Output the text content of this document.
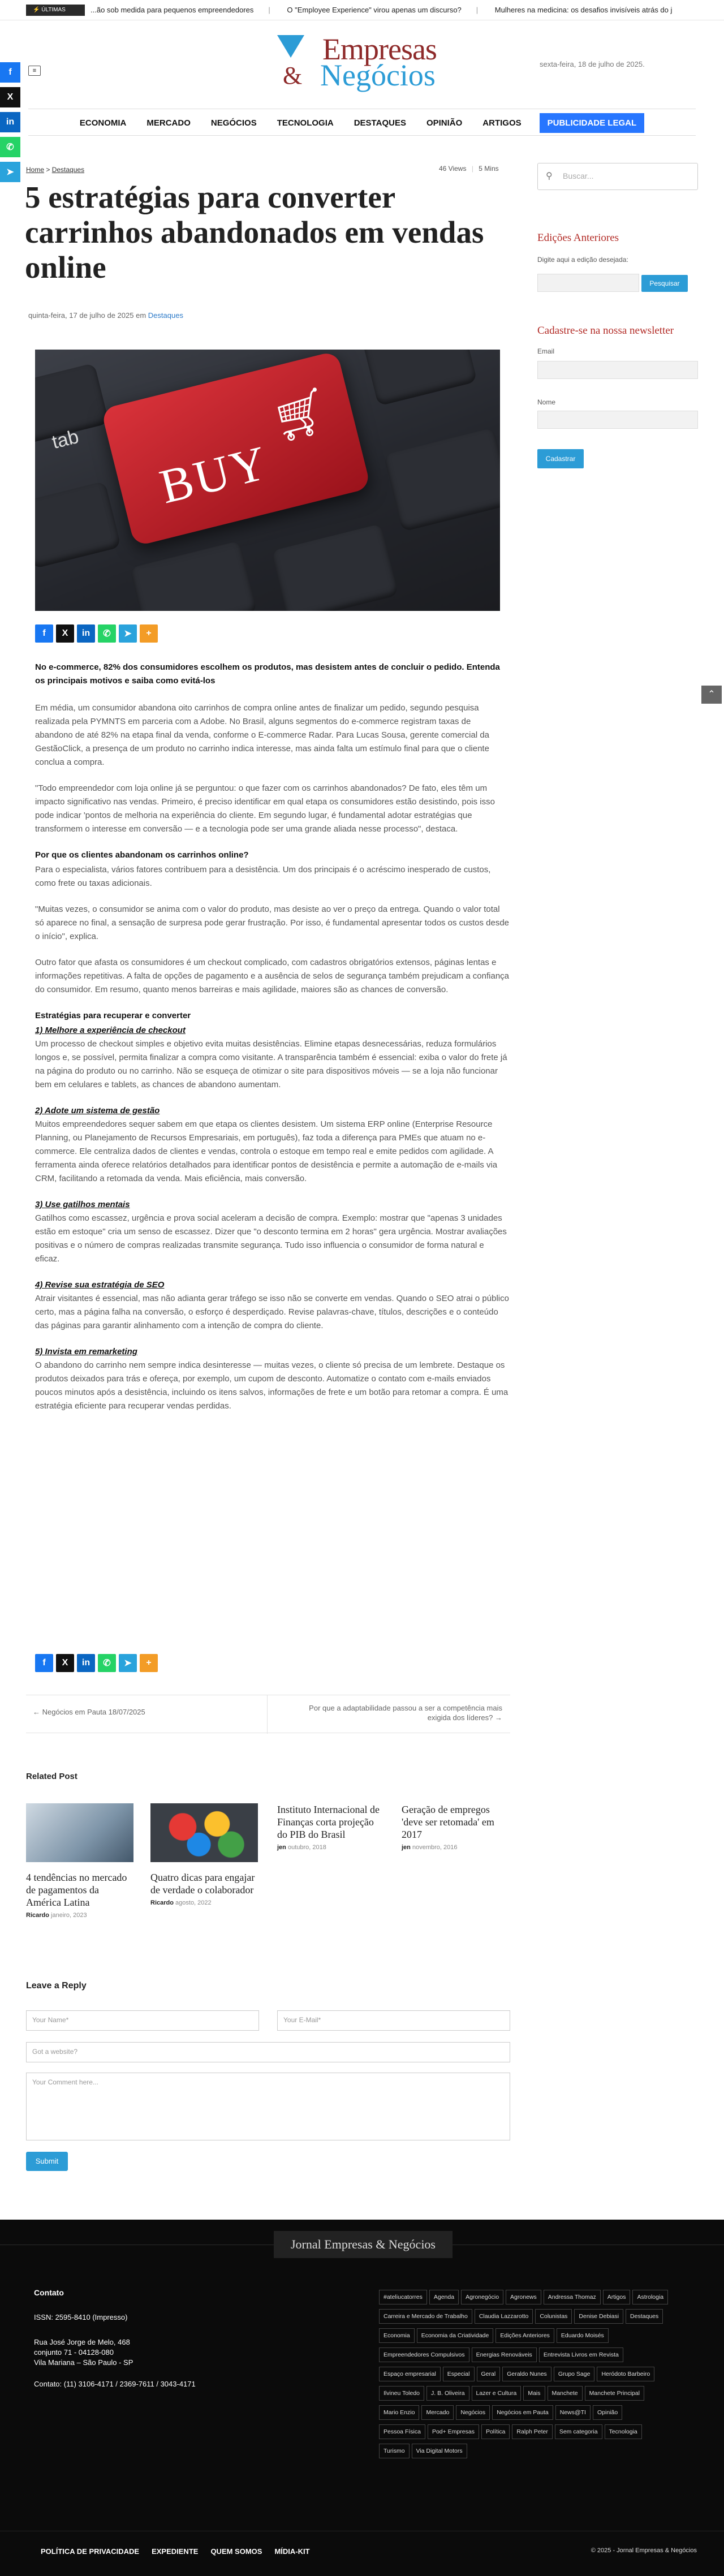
⚡ ÚLTIMAS	...ão sob medida para pequenos empreendedores | O "Employee Experience" virou apenas um discurso? | Mulheres na medicina: os desafios invisíveis atrás do j
f
X
in
✆
➤
≡
Empresas
& Negócios	sexta-feira, 18 de julho de 2025.
ECONOMIA MERCADO NEGÓCIOS TECNOLOGIA DESTAQUES OPINIÃO ARTIGOS	PUBLICIDADE LEGAL
Home > Destaques	46 Views | 5 Mins
5 estratégias para converter carrinhos abandonados em vendas online
quinta-feira, 17 de julho de 2025 em Destaques
tab BUY
🛒︎
f	X	in	✆	➤	+

No e-commerce, 82% dos consumidores escolhem os produtos, mas desistem antes de concluir o pedido. Entenda os principais motivos e saiba como evitá-los

Em média, um consumidor abandona oito carrinhos de compra online antes de finalizar um pedido, segundo pesquisa realizada pela PYMNTS em parceria com a Adobe. No Brasil, alguns segmentos do e-commerce registram taxas de abandono de até 82% na etapa final da venda, conforme o E-commerce Radar. Para Lucas Sousa, gerente comercial da GestãoClick, a presença de um produto no carrinho indica interesse, mas ainda falta um estímulo final para que o cliente conclua a compra.

"Todo empreendedor com loja online já se perguntou: o que fazer com os carrinhos abandonados? De fato, eles têm um impacto significativo nas vendas. Primeiro, é preciso identificar em qual etapa os consumidores estão desistindo, pois isso pode indicar 'pontos de melhoria na experiência do cliente. Em segundo lugar, é fundamental adotar estratégias que transformem o interesse em conversão — e a tecnologia pode ser uma grande aliada nesse processo", destaca.

Por que os clientes abandonam os carrinhos online?

Para o especialista, vários fatores contribuem para a desistência. Um dos principais é o acréscimo inesperado de custos, como frete ou taxas adicionais.

"Muitas vezes, o consumidor se anima com o valor do produto, mas desiste ao ver o preço da entrega. Quando o valor total só aparece no final, a sensação de surpresa pode gerar frustração. Por isso, é fundamental apresentar todos os custos desde o início", explica.

Outro fator que afasta os consumidores é um checkout complicado, com cadastros obrigatórios extensos, páginas lentas e informações repetitivas. A falta de opções de pagamento e a ausência de selos de segurança também prejudicam a confiança do consumidor. Em resumo, quanto menos barreiras e mais agilidade, maiores são as chances de conversão.

Estratégias para recuperar e converter
1) Melhore a experiência de checkout

Um processo de checkout simples e objetivo evita muitas desistências. Elimine etapas desnecessárias, reduza formulários longos e, se possível, permita finalizar a compra como visitante. A transparência também é essencial: exiba o valor do frete já na página do produto ou no carrinho. Não se esqueça de otimizar o site para dispositivos móveis — se a loja não funcionar bem em celulares e tablets, as chances de abandono aumentam.

2) Adote um sistema de gestão

Muitos empreendedores sequer sabem em que etapa os clientes desistem. Um sistema ERP online (Enterprise Resource Planning, ou Planejamento de Recursos Empresariais, em português), faz toda a diferença para PMEs que atuam no e-commerce. Ele centraliza dados de clientes e vendas, controla o estoque em tempo real e emite pedidos com agilidade. A ferramenta ainda oferece relatórios detalhados para identificar pontos de desistência e permite a automação de e-mails via CRM, facilitando a retomada da venda. Mais eficiência, mais conversão.

3) Use gatilhos mentais

Gatilhos como escassez, urgência e prova social aceleram a decisão de compra. Exemplo: mostrar que "apenas 3 unidades estão em estoque" cria um senso de escassez. Dizer que "o desconto termina em 2 horas" gera urgência. Mostrar avaliações positivas e o número de compras realizadas transmite segurança. Tudo isso influencia o consumidor de forma natural e eficaz.

4) Revise sua estratégia de SEO

Atrair visitantes é essencial, mas não adianta gerar tráfego se isso não se converte em vendas. Quando o SEO atrai o público certo, mas a página falha na conversão, o esforço é desperdiçado. Revise palavras-chave, títulos, descrições e o conteúdo das páginas para garantir alinhamento com a intenção de compra do cliente.

5) Invista em remarketing

O abandono do carrinho nem sempre indica desinteresse — muitas vezes, o cliente só precisa de um lembrete. Destaque os produtos deixados para trás e ofereça, por exemplo, um cupom de desconto. Automatize o contato com e-mails enviados poucos minutos após a desistência, incluindo os itens salvos, informações de frete e um botão para retomar a compra. É uma estratégia eficiente para recuperar vendas perdidas.

f	X	in	✆	➤	+
← Negócios em Pauta 18/07/2025	Por que a adaptabilidade passou a ser a competência mais exigida dos líderes? →
Related Post
4 tendências no mercado de pagamentos da América Latina
Ricardo janeiro, 2023
Quatro dicas para engajar de verdade o colaborador
Ricardo agosto, 2022
Instituto Internacional de Finanças corta projeção do PIB do Brasil
jen outubro, 2018
Geração de empregos 'deve ser retomada' em 2017
jen novembro, 2016
Leave a Reply
Your Name*	Your E-Mail*
Got a website?
Your Comment here...
Submit
⚲ Buscar...
Edições Anteriores
Digite aqui a edição desejada:
Pesquisar
Cadastre-se na nossa newsletter
Email
Nome
Cadastrar
⌃
Jornal Empresas & Negócios
Contato
ISSN: 2595-8410 (Impresso)
Rua José Jorge de Melo, 468
conjunto 71 - 04128-080
Vila Mariana – São Paulo - SP
Contato: (11) 3106-4171 / 2369-7611 / 3043-4171
#ateliucatorres	Agenda	Agronegócio	Agronews	Andressa Thomaz	Artigos	Astrologia
Carreira e Mercado de Trabalho	Claudia Lazzarotto	Colunistas	Denise Debiasi	Destaques
Economia	Economia da Criatividade	Edições Anteriores	Eduardo Moisés
Empreendedores Compulsivos	Energias Renováveis	Entrevista Livros em Revista
Espaço empresarial	Especial	Geral	Geraldo Nunes	Grupo Sage	Heródoto Barbeiro
Ilvineu Toledo	J. B. Oliveira	Lazer e Cultura	Mais	Manchete	Manchete Principal
Mario Enzio	Mercado	Negócios	Negócios em Pauta	News@TI	Opinião
Pessoa Física	Pod+ Empresas	Política	Ralph Peter	Sem categoria	Tecnologia
Turismo	Via Digital Motors
POLÍTICA DE PRIVACIDADE EXPEDIENTE QUEM SOMOS MÍDIA-KIT	© 2025 - Jornal Empresas & Negócios
